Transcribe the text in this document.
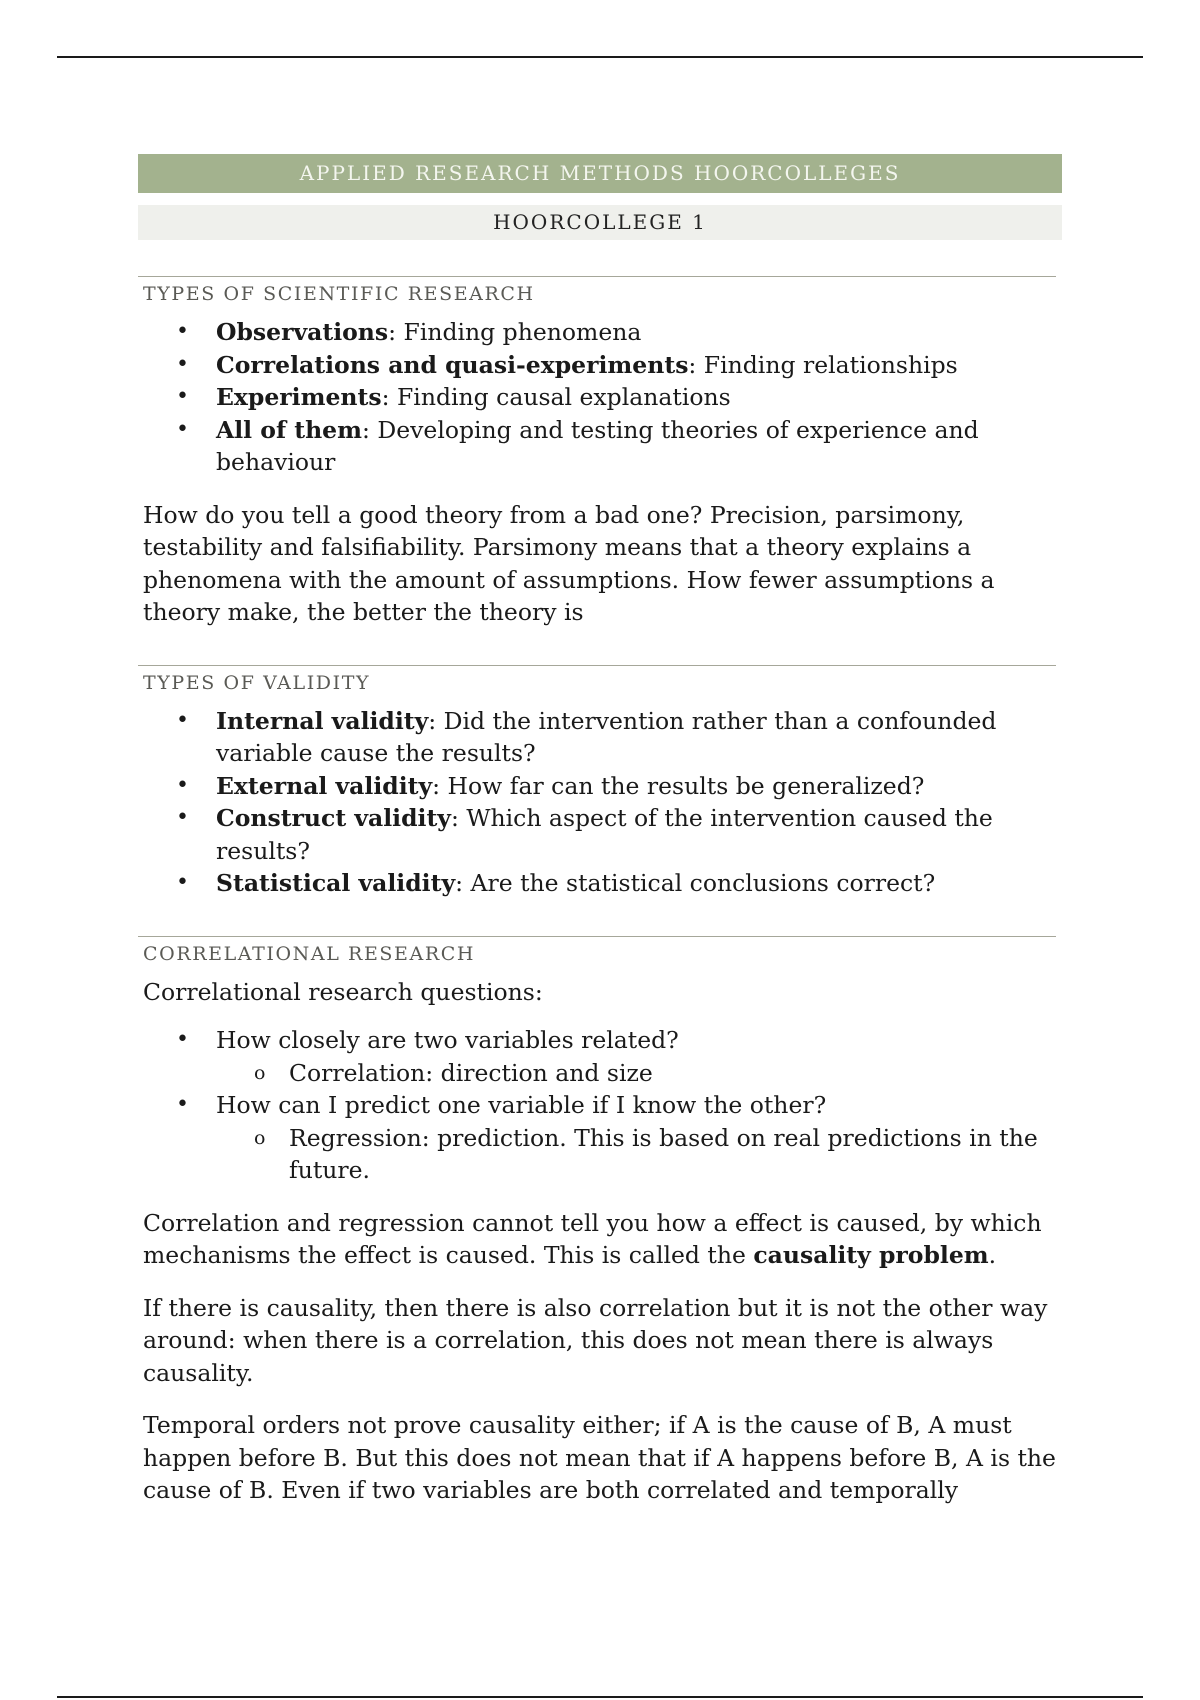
APPLIED RESEARCH METHODS HOORCOLLEGES
HOORCOLLEGE 1
TYPES OF SCIENTIFIC RESEARCH
• Observations: Finding phenomena
• Correlations and quasi-experiments: Finding relationships
• Experiments: Finding causal explanations
• All of them: Developing and testing theories of experience and behaviour

How do you tell a good theory from a bad one? Precision, parsimony, testability and falsifiability. Parsimony means that a theory explains a phenomena with the amount of assumptions. How fewer assumptions a theory make, the better the theory is

TYPES OF VALIDITY
• Internal validity: Did the intervention rather than a confounded variable cause the results?
• External validity: How far can the results be generalized?
• Construct validity: Which aspect of the intervention caused the results?
• Statistical validity: Are the statistical conclusions correct?
CORRELATIONAL RESEARCH

Correlational research questions:

• How closely are two variables related?
o Correlation: direction and size
• How can I predict one variable if I know the other?
o Regression: prediction. This is based on real predictions in the future.

Correlation and regression cannot tell you how a effect is caused, by which mechanisms the effect is caused. This is called the causality problem.

If there is causality, then there is also correlation but it is not the other way around: when there is a correlation, this does not mean there is always causality.

Temporal orders not prove causality either; if A is the cause of B, A must happen before B. But this does not mean that if A happens before B, A is the cause of B. Even if two variables are both correlated and temporally
